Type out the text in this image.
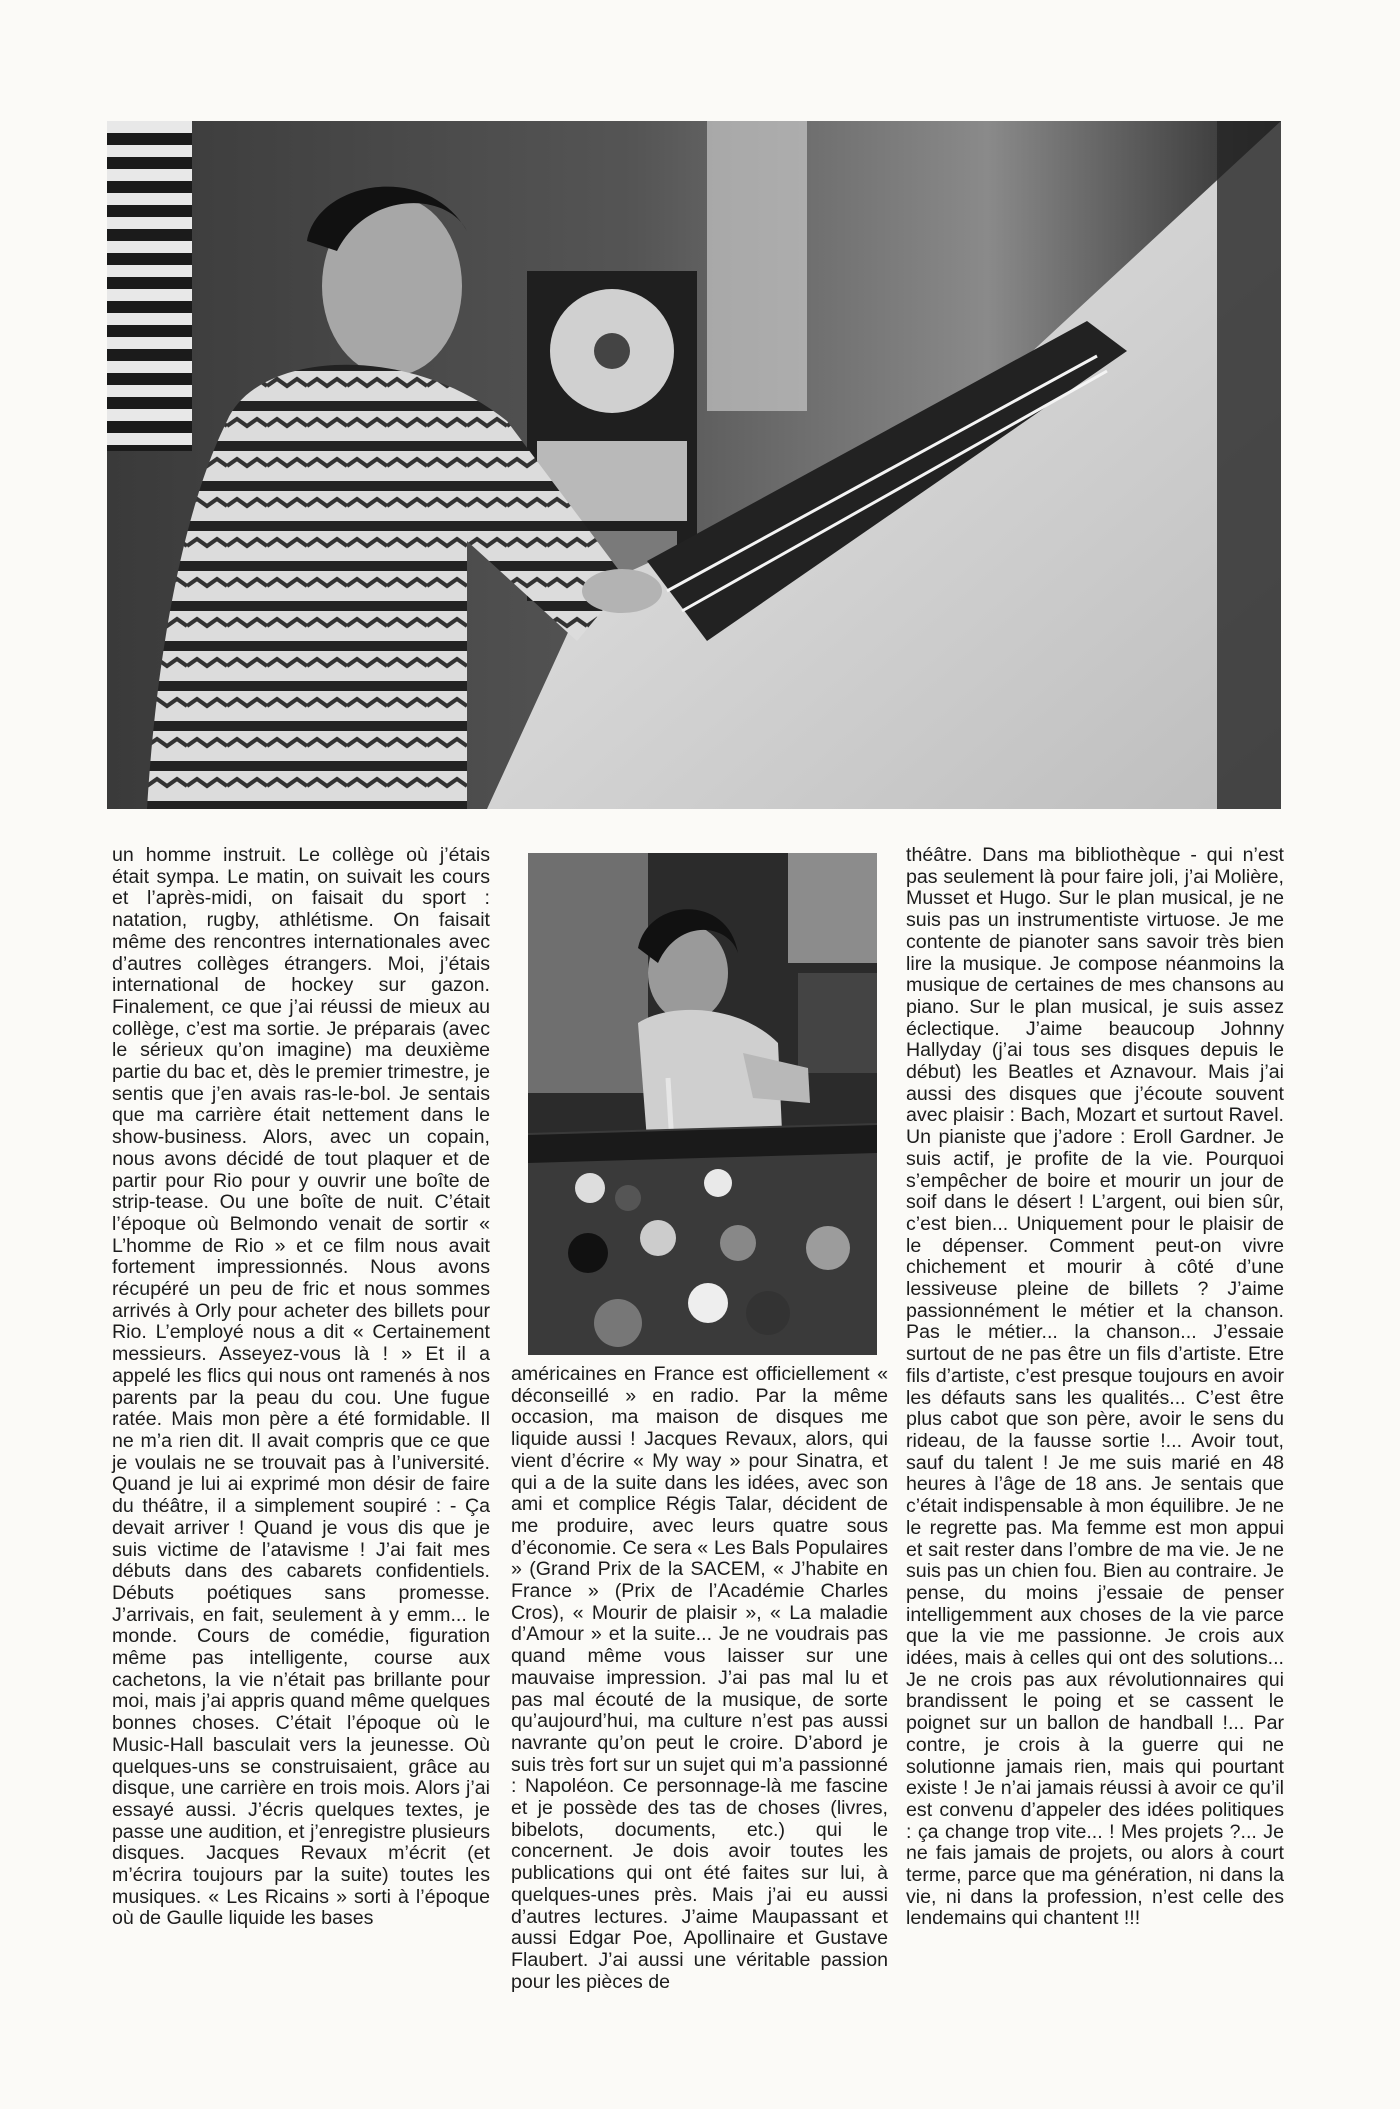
un homme instruit. Le collège où j’étais était sympa. Le matin, on suivait les cours et l’après-midi, on faisait du sport : natation, rugby, athlétisme. On faisait même des rencontres internationales avec d’autres collèges étrangers. Moi, j’étais international de hockey sur gazon. Finalement, ce que j’ai réussi de mieux au collège, c’est ma sortie. Je préparais (avec le sérieux qu’on imagine) ma deuxième partie du bac et, dès le premier trimestre, je sentis que j’en avais ras-le-bol. Je sentais que ma carrière était nettement dans le show-business. Alors, avec un copain, nous avons décidé de tout plaquer et de partir pour Rio pour y ouvrir une boîte de strip-tease. Ou une boîte de nuit. C’était l’époque où Belmondo venait de sortir « L’homme de Rio » et ce film nous avait fortement impressionnés. Nous avons récupéré un peu de fric et nous sommes arrivés à Orly pour acheter des billets pour Rio. L’employé nous a dit « Certainement messieurs. Asseyez-vous là ! » Et il a appelé les flics qui nous ont ramenés à nos parents par la peau du cou. Une fugue ratée. Mais mon père a été formidable. Il ne m’a rien dit. Il avait compris que ce que je voulais ne se trouvait pas à l’université. Quand je lui ai exprimé mon désir de faire du théâtre, il a simplement soupiré : - Ça devait arriver ! Quand je vous dis que je suis victime de l’atavisme ! J’ai fait mes débuts dans des cabarets confidentiels. Débuts poétiques sans promesse. J’arrivais, en fait, seulement à y emm... le monde. Cours de comédie, figuration même pas intelligente, course aux cachetons, la vie n’était pas brillante pour moi, mais j’ai appris quand même quelques bonnes choses. C’était l’époque où le Music-Hall basculait vers la jeunesse. Où quelques-uns se construisaient, grâce au disque, une carrière en trois mois. Alors j’ai essayé aussi. J’écris quelques textes, je passe une audition, et j’enregistre plusieurs disques. Jacques Revaux m’écrit (et m’écrira toujours par la suite) toutes les musiques. « Les Ricains » sorti à l’époque où de Gaulle liquide les bases

américaines en France est officiellement « déconseillé » en radio. Par la même occasion, ma maison de disques me liquide aussi ! Jacques Revaux, alors, qui vient d’écrire « My way » pour Sinatra, et qui a de la suite dans les idées, avec son ami et complice Régis Talar, décident de me produire, avec leurs quatre sous d’économie. Ce sera « Les Bals Populaires » (Grand Prix de la SACEM, « J’habite en France » (Prix de l’Académie Charles Cros), « Mourir de plaisir », « La maladie d’Amour » et la suite... Je ne voudrais pas quand même vous laisser sur une mauvaise impression. J’ai pas mal lu et pas mal écouté de la musique, de sorte qu’aujourd’hui, ma culture n’est pas aussi navrante qu’on peut le croire. D’abord je suis très fort sur un sujet qui m’a passionné : Napoléon. Ce personnage-là me fascine et je possède des tas de choses (livres, bibelots, documents, etc.) qui le concernent. Je dois avoir toutes les publications qui ont été faites sur lui, à quelques-unes près. Mais j’ai eu aussi d’autres lectures. J’aime Maupassant et aussi Edgar Poe, Apollinaire et Gustave Flaubert. J’ai aussi une véritable passion pour les pièces de

théâtre. Dans ma bibliothèque - qui n’est pas seulement là pour faire joli, j’ai Molière, Musset et Hugo. Sur le plan musical, je ne suis pas un instrumentiste virtuose. Je me contente de pianoter sans savoir très bien lire la musique. Je compose néanmoins la musique de certaines de mes chansons au piano. Sur le plan musical, je suis assez éclectique. J’aime beaucoup Johnny Hallyday (j’ai tous ses disques depuis le début) les Beatles et Aznavour. Mais j’ai aussi des disques que j’écoute souvent avec plaisir : Bach, Mozart et surtout Ravel. Un pianiste que j’adore : Eroll Gardner. Je suis actif, je profite de la vie. Pourquoi s’empêcher de boire et mourir un jour de soif dans le désert ! L’argent, oui bien sûr, c’est bien... Uniquement pour le plaisir de le dépenser. Comment peut-on vivre chichement et mourir à côté d’une lessiveuse pleine de billets ? J’aime passionnément le métier et la chanson. Pas le métier... la chanson... J’essaie surtout de ne pas être un fils d’artiste. Etre fils d’artiste, c’est presque toujours en avoir les défauts sans les qualités... C’est être plus cabot que son père, avoir le sens du rideau, de la fausse sortie !... Avoir tout, sauf du talent ! Je me suis marié en 48 heures à l’âge de 18 ans. Je sentais que c’était indispensable à mon équilibre. Je ne le regrette pas. Ma femme est mon appui et sait rester dans l’ombre de ma vie. Je ne suis pas un chien fou. Bien au contraire. Je pense, du moins j’essaie de penser intelligemment aux choses de la vie parce que la vie me passionne. Je crois aux idées, mais à celles qui ont des solutions... Je ne crois pas aux révolutionnaires qui brandissent le poing et se cassent le poignet sur un ballon de handball !... Par contre, je crois à la guerre qui ne solutionne jamais rien, mais qui pourtant existe ! Je n’ai jamais réussi à avoir ce qu’il est convenu d’appeler des idées politiques : ça change trop vite... ! Mes projets ?... Je ne fais jamais de projets, ou alors à court terme, parce que ma génération, ni dans la vie, ni dans la profession, n’est celle des lendemains qui chantent !!!
